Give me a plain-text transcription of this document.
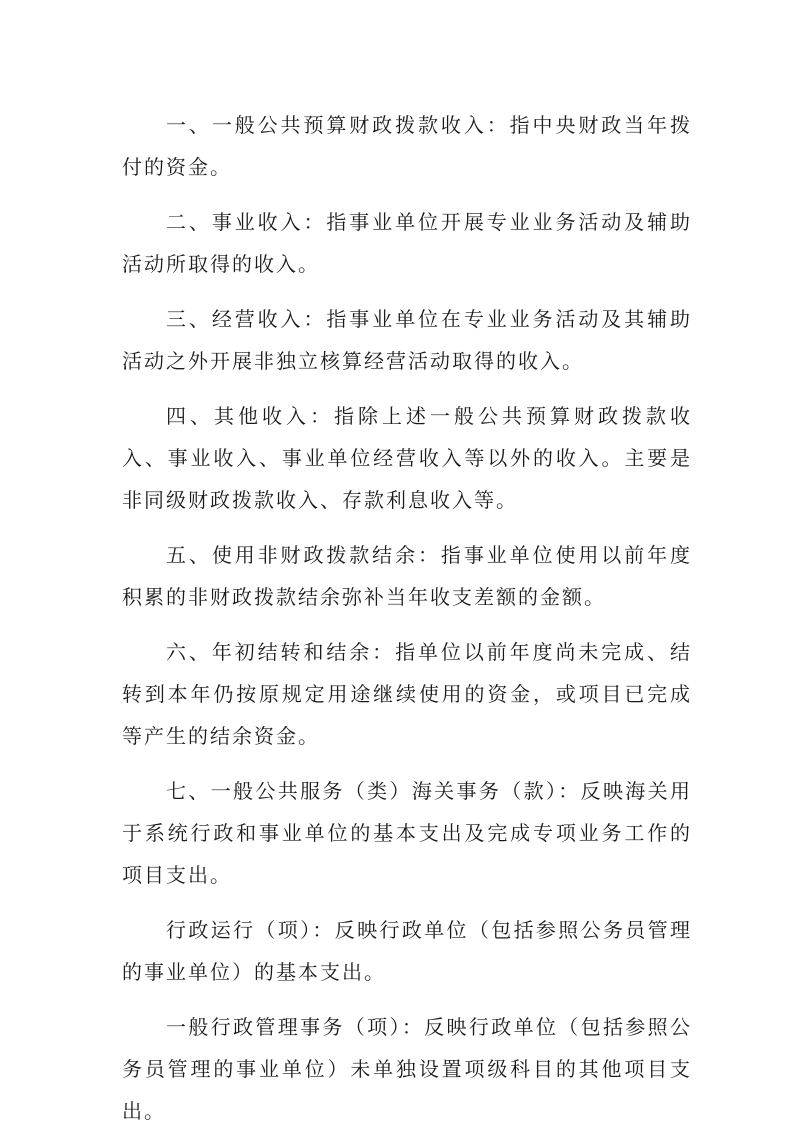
一、一般公共预算财政拨款收入：指中央财政当年拨付的资金。

二、事业收入：指事业单位开展专业业务活动及辅助活动所取得的收入。

三、经营收入：指事业单位在专业业务活动及其辅助活动之外开展非独立核算经营活动取得的收入。

四、其他收入：指除上述一般公共预算财政拨款收入、事业收入、事业单位经营收入等以外的收入。主要是非同级财政拨款收入、存款利息收入等。

五、使用非财政拨款结余：指事业单位使用以前年度积累的非财政拨款结余弥补当年收支差额的金额。

六、年初结转和结余：指单位以前年度尚未完成、结转到本年仍按原规定用途继续使用的资金，或项目已完成等产生的结余资金。

七、一般公共服务（类）海关事务（款）：反映海关用于系统行政和事业单位的基本支出及完成专项业务工作的 项目支出。

行政运行（项）：反映行政单位（包括参照公务员管理的事业单位）的基本支出。

一般行政管理事务（项）：反映行政单位（包括参照公务员管理的事业单位）未单独设置项级科目的其他项目支出。
